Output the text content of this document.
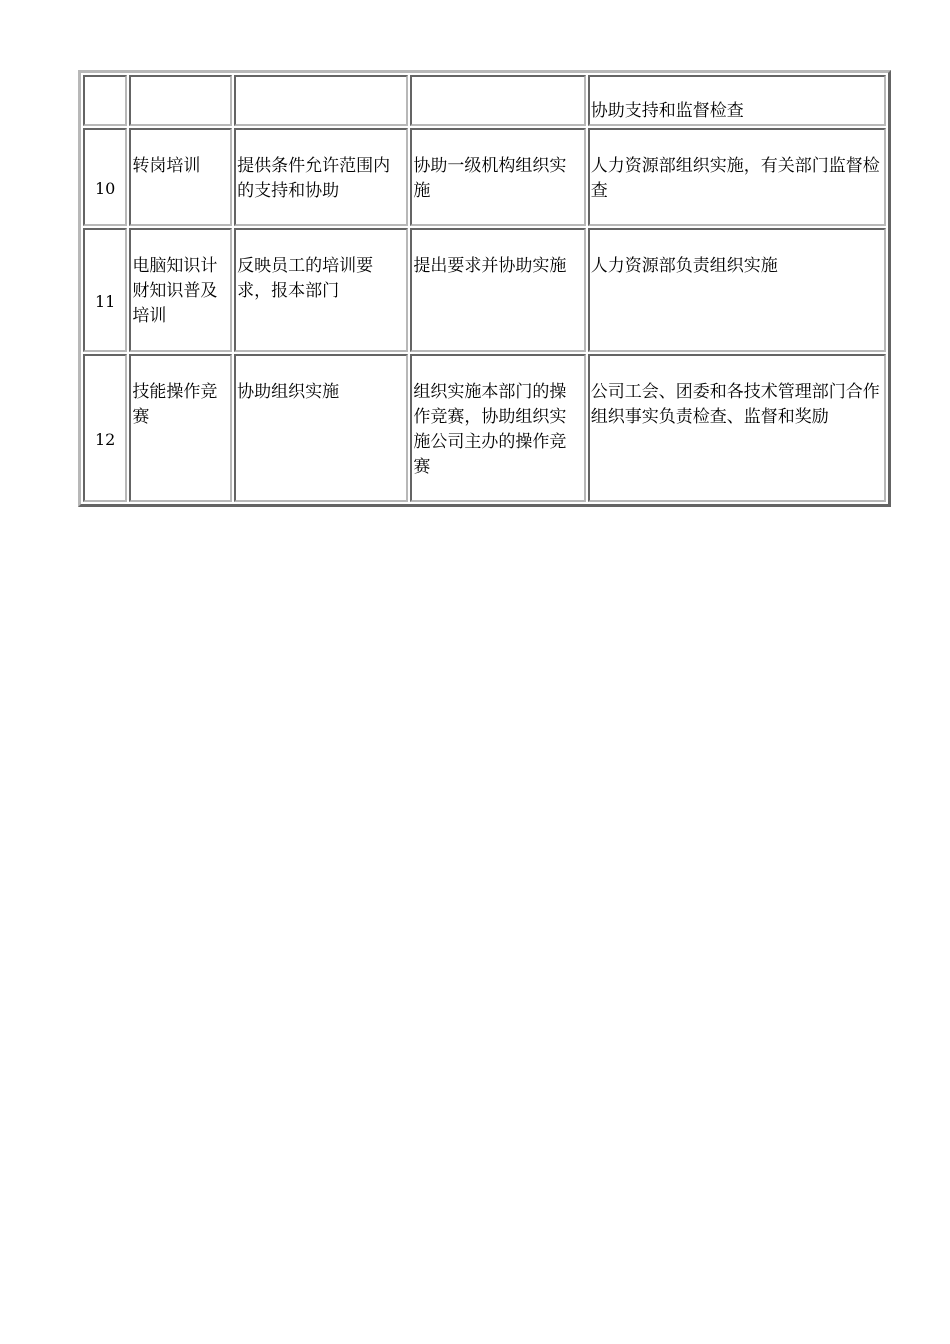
				协助支持和监督检查
10	转岗培训	提供条件允许范围内的支持和协助	协助一级机构组织实施	人力资源部组织实施，有关部门监督检查
11	电脑知识计财知识普及培训	反映员工的培训要求，报本部门	提出要求并协助实施	人力资源部负责组织实施
12	技能操作竞赛	协助组织实施	组织实施本部门的操作竞赛，协助组织实施公司主办的操作竞赛	公司工会、团委和各技术管理部门合作组织事实负责检查、监督和奖励
